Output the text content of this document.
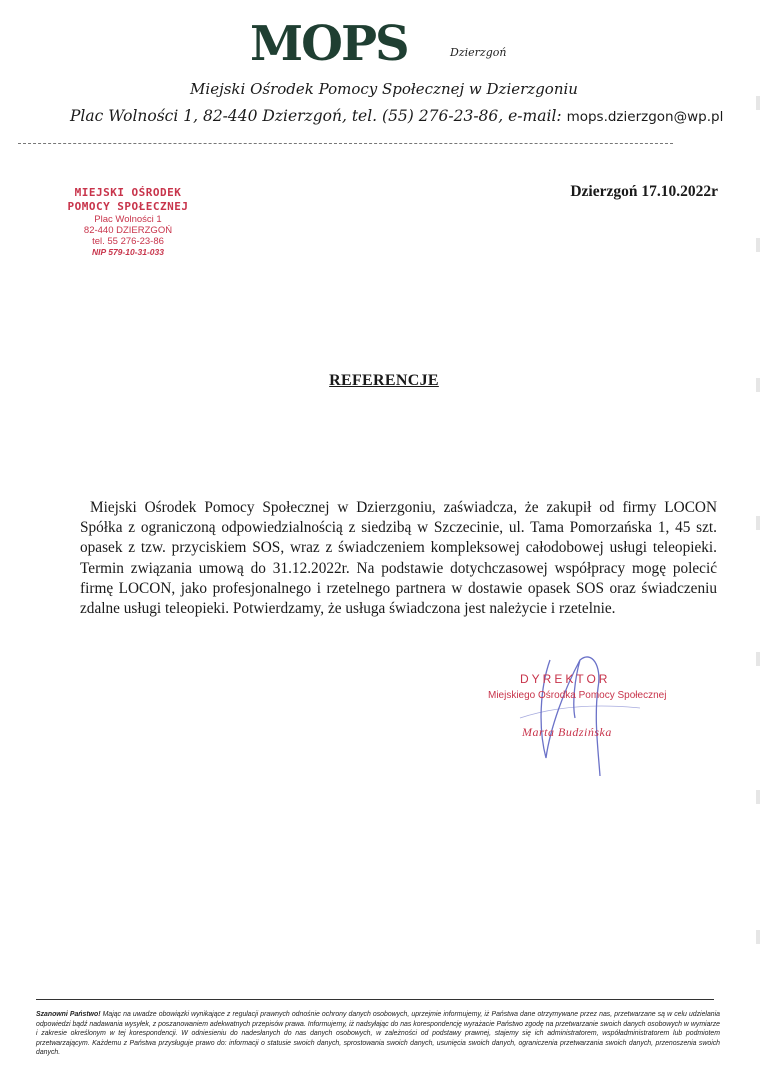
MOPS	Dzierzgoń
Miejski Ośrodek Pomocy Społecznej w Dzierzgoniu
Plac Wolności 1, 82-440 Dzierzgoń, tel. (55) 276-23-86, e-mail: mops.dzierzgon@wp.pl
MIEJSKI OŚRODEK
POMOCY SPOŁECZNEJ
Plac Wolności 1
82-440 DZIERZGOŃ
tel. 55 276-23-86
NIP 579-10-31-033
Dzierzgoń 17.10.2022r
REFERENCJE
Miejski Ośrodek Pomocy Społecznej w Dzierzgoniu, zaświadcza, że zakupił od firmy LOCON Spółka z ograniczoną odpowiedzialnością z siedzibą w Szczecinie, ul. Tama Pomorzańska 1, 45 szt. opasek z tzw. przyciskiem SOS, wraz z świadczeniem kompleksowej całodobowej usługi teleopieki. Termin związania umową do 31.12.2022r. Na podstawie dotychczasowej współpracy mogę polecić firmę LOCON, jako profesjonalnego i rzetelnego partnera w dostawie opasek SOS oraz świadczeniu zdalne usługi teleopieki. Potwierdzamy, że usługa świadczona jest należycie i rzetelnie.
DYREKTOR
Miejskiego Ośrodka Pomocy Społecznej
Marta Budzińska
Szanowni Państwo! Mając na uwadze obowiązki wynikające z regulacji prawnych odnośnie ochrony danych osobowych, uprzejmie informujemy, iż Państwa dane otrzymywane przez nas, przetwarzane są w celu udzielania odpowiedzi bądź nadawania wysyłek, z poszanowaniem adekwatnych przepisów prawa. Informujemy, iż nadsyłając do nas korespondencję wyrażacie Państwo zgodę na przetwarzanie swoich danych osobowych w wymiarze i zakresie określonym w tej korespondencji. W odniesieniu do nadesłanych do nas danych osobowych, w zależności od podstawy prawnej, stajemy się ich administratorem, współadministratorem lub podmiotem przetwarzającym. Każdemu z Państwa przysługuje prawo do: informacji o statusie swoich danych, sprostowania swoich danych, usunięcia swoich danych, ograniczenia przetwarzania swoich danych, przenoszenia swoich danych.
